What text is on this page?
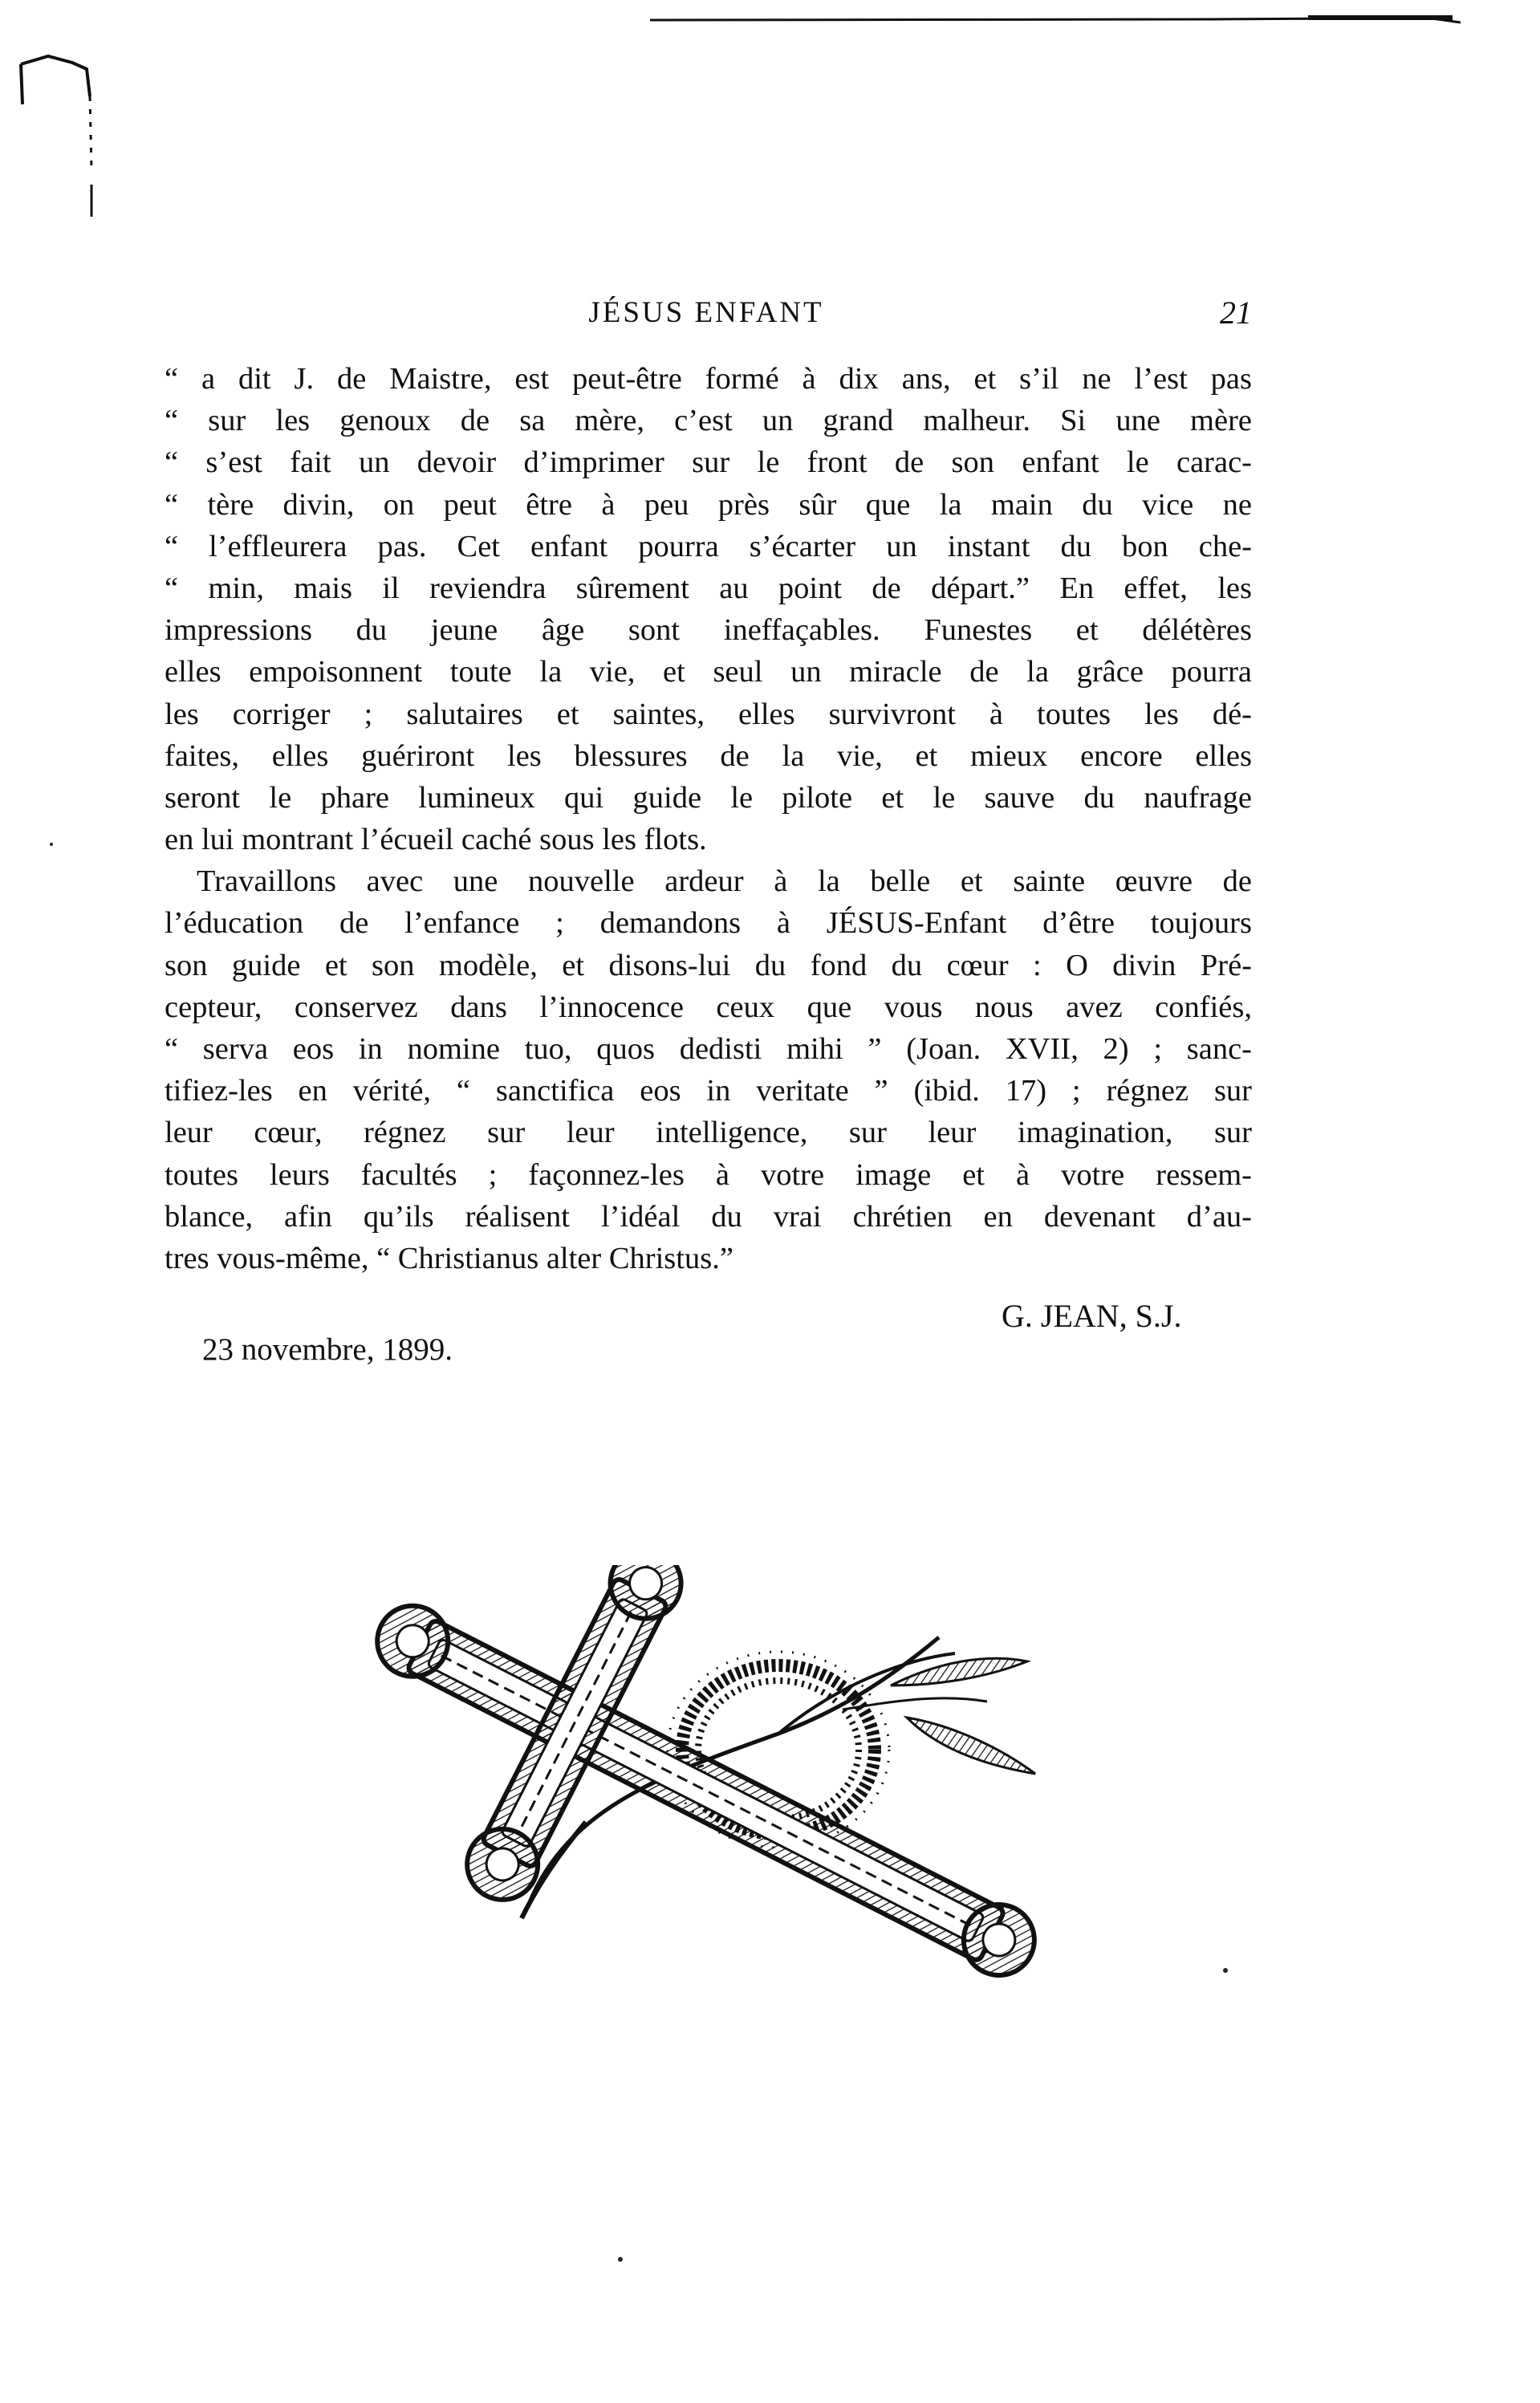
JÉSUS ENFANT	21
“ a dit J. de Maistre, est peut-être formé à dix ans, et s’il ne l’est pas
“ sur les genoux de sa mère, c’est un grand malheur. Si une mère
“ s’est fait un devoir d’imprimer sur le front de son enfant le carac-
“ tère divin, on peut être à peu près sûr que la main du vice ne
“ l’effleurera pas. Cet enfant pourra s’écarter un instant du bon che-
“ min, mais il reviendra sûrement au point de départ.” En effet, les
impressions du jeune âge sont ineffaçables. Funestes et délétères
elles empoisonnent toute la vie, et seul un miracle de la grâce pourra
les corriger ; salutaires et saintes, elles survivront à toutes les dé-
faites, elles guériront les blessures de la vie, et mieux encore elles
seront le phare lumineux qui guide le pilote et le sauve du naufrage
en lui montrant l’écueil caché sous les flots.
Travaillons avec une nouvelle ardeur à la belle et sainte œuvre de
l’éducation de l’enfance ; demandons à JÉSUS-Enfant d’être toujours
son guide et son modèle, et disons-lui du fond du cœur : O divin Pré-
cepteur, conservez dans l’innocence ceux que vous nous avez confiés,
“ serva eos in nomine tuo, quos dedisti mihi ” (Joan. XVII, 2) ; sanc-
tifiez-les en vérité, “ sanctifica eos in veritate ” (ibid. 17) ; régnez sur
leur cœur, régnez sur leur intelligence, sur leur imagination, sur
toutes leurs facultés ; façonnez-les à votre image et à votre ressem-
blance, afin qu’ils réalisent l’idéal du vrai chrétien en devenant d’au-
tres vous-même, “ Christianus alter Christus.”
G. JEAN, S.J.
23 novembre, 1899.
